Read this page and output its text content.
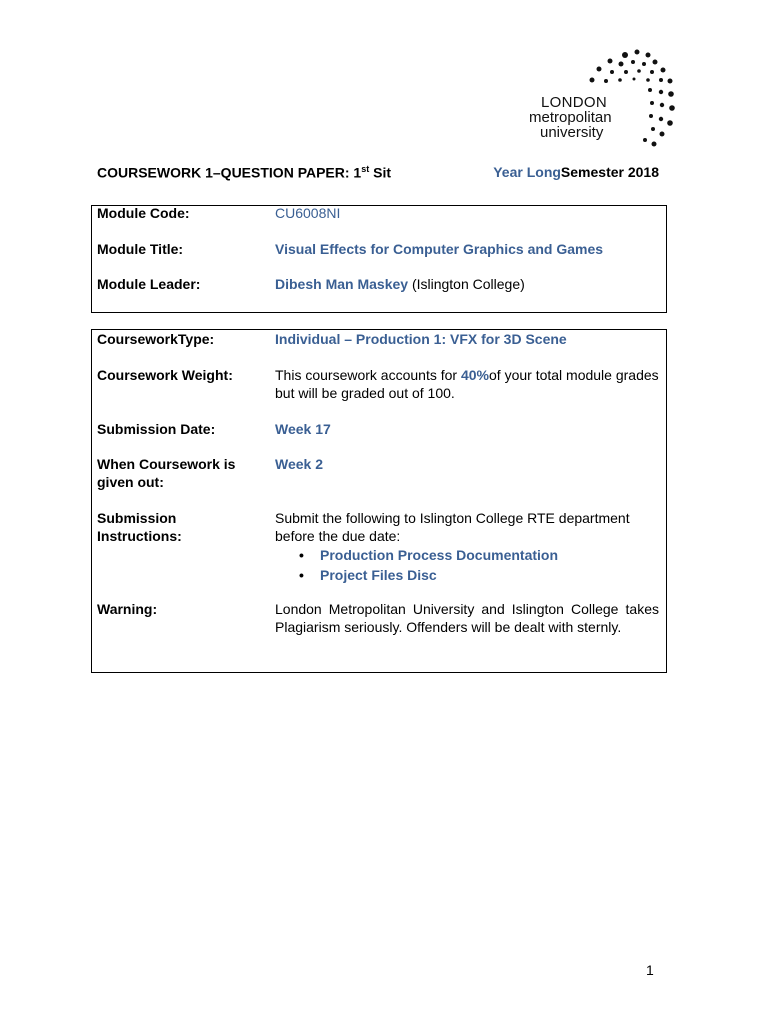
LONDON
metropolitan
university
COURSEWORK 1–QUESTION PAPER: 1st Sit	Year LongSemester 2018
Module Code:	CU6008NI
Module Title:	Visual Effects for Computer Graphics and Games
Module Leader:	Dibesh Man Maskey (Islington College)
CourseworkType:	Individual – Production 1: VFX for 3D Scene
Coursework Weight:	This coursework accounts for 40%of your total module grades but will be graded out of 100.
Submission Date:	Week 17
When Coursework is given out:
Week 2
Submission Instructions:
Submit the following to Islington College RTE department before the due date:
• Production Process Documentation
• Project Files Disc
Warning:	London Metropolitan University and Islington College takes Plagiarism seriously. Offenders will be dealt with sternly.
1
